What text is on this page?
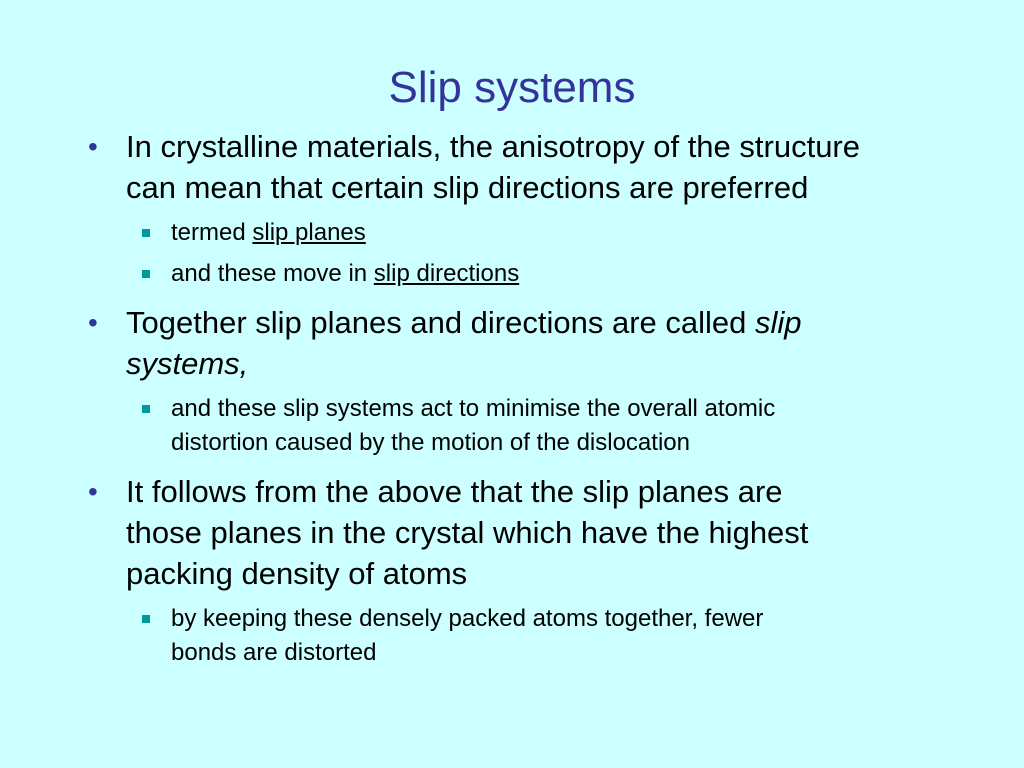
Slip systems
• In crystalline materials, the anisotropy of the structure
can mean that certain slip directions are preferred
termed slip planes
and these move in slip directions
• Together slip planes and directions are called slip
systems,
and these slip systems act to minimise the overall atomic
distortion caused by the motion of the dislocation
• It follows from the above that the slip planes are
those planes in the crystal which have the highest
packing density of atoms
by keeping these densely packed atoms together, fewer
bonds are distorted
